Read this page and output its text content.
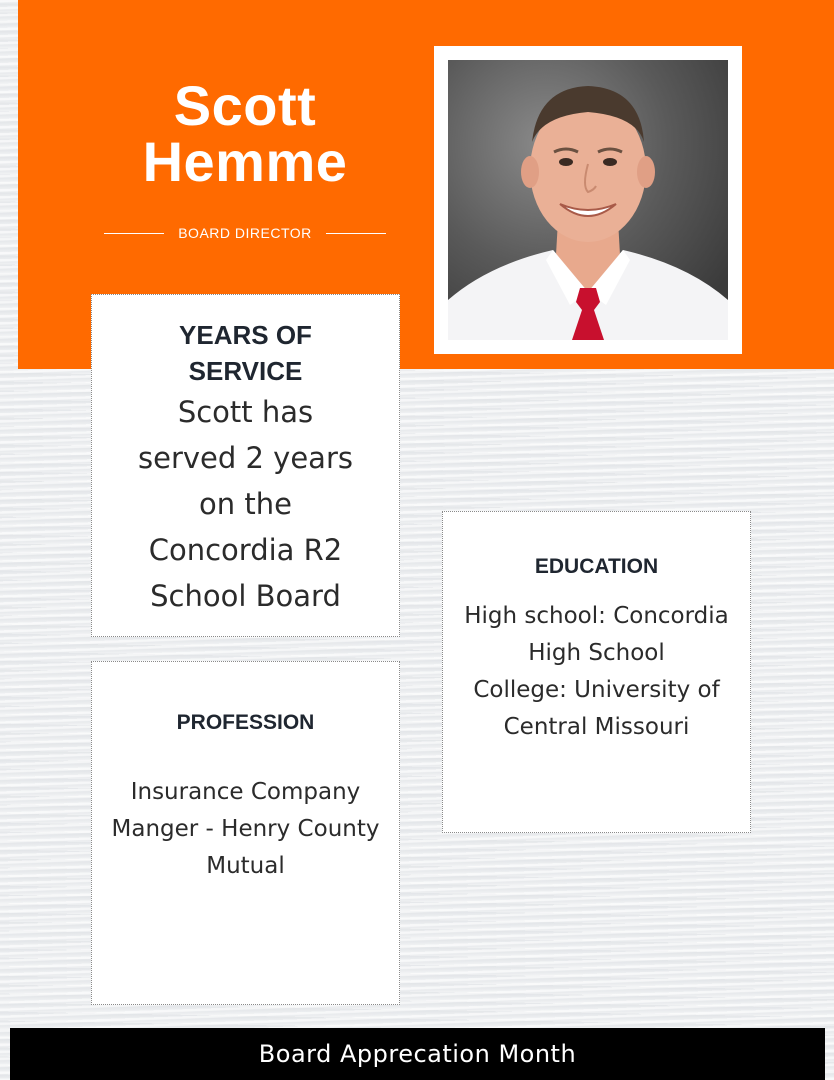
Scott
Hemme
BOARD DIRECTOR
YEARS OF SERVICE
Scott has served 2 years on the Concordia R2 School Board
EDUCATION
High school: Concordia High School
College: University of Central Missouri
PROFESSION
Insurance Company Manger - Henry County Mutual
Board Apprecation Month
